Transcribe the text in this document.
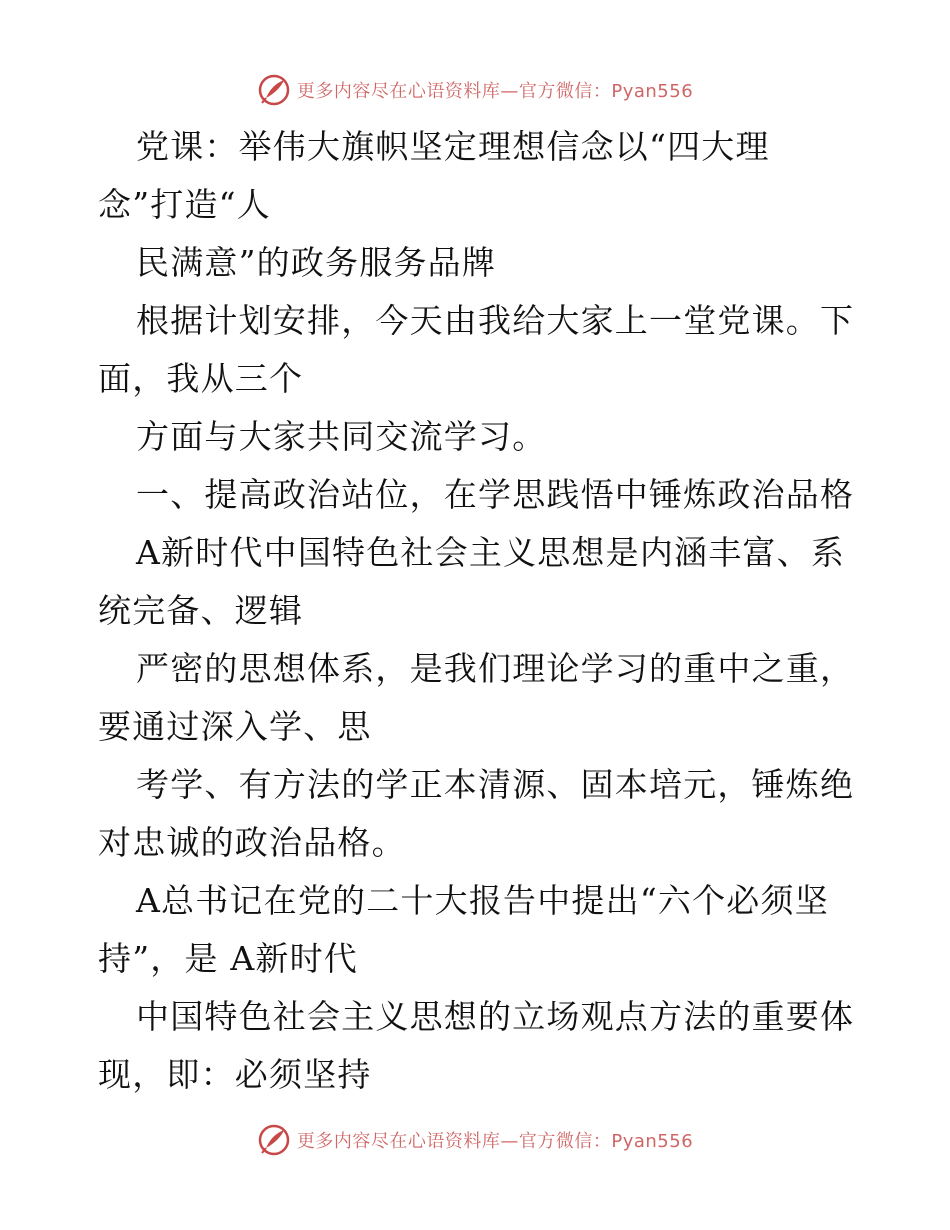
更多内容尽在心语资料库—官方微信：Pyan556
党课：举伟大旗帜坚定理想信念以“四大理
念”打造“人
民满意”的政务服务品牌
根据计划安排，今天由我给大家上一堂党课。下
面，我从三个
方面与大家共同交流学习。
一、提高政治站位，在学思践悟中锤炼政治品格
A新时代中国特色社会主义思想是内涵丰富、系
统完备、逻辑
严密的思想体系，是我们理论学习的重中之重，
要通过深入学、思
考学、有方法的学正本清源、固本培元，锤炼绝
对忠诚的政治品格。
A总书记在党的二十大报告中提出“六个必须坚
持”，是 A新时代
中国特色社会主义思想的立场观点方法的重要体
现，即：必须坚持
更多内容尽在心语资料库—官方微信：Pyan556
